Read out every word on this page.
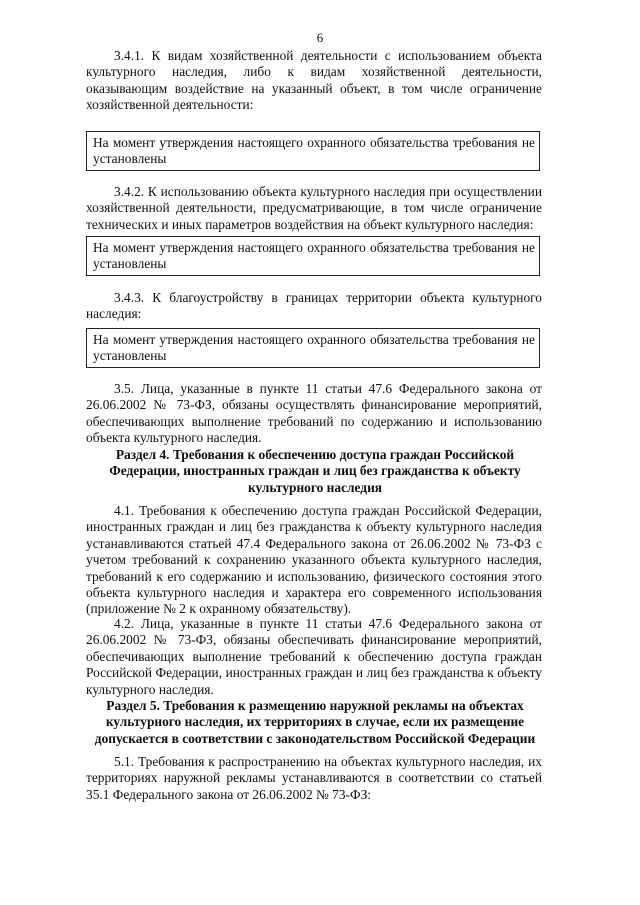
6

3.4.1. К видам хозяйственной деятельности с использованием объекта культурного наследия, либо к видам хозяйственной деятельности, оказывающим воздействие на указанный объект, в том числе ограничение хозяйственной деятельности:

На момент утверждения настоящего охранного обязательства требования не установлены

3.4.2. К использованию объекта культурного наследия при осуществлении хозяйственной деятельности, предусматривающие, в том числе ограничение технических и иных параметров воздействия на объект культурного наследия:

На момент утверждения настоящего охранного обязательства требования не установлены

3.4.3. К благоустройству в границах территории объекта культурного наследия:

На момент утверждения настоящего охранного обязательства требования не установлены

3.5. Лица, указанные в пункте 11 статьи 47.6 Федерального закона от 26.06.2002 № 73-ФЗ, обязаны осуществлять финансирование мероприятий, обеспечивающих выполнение требований по содержанию и использованию объекта культурного наследия.

Раздел 4. Требования к обеспечению доступа граждан Российской Федерации, иностранных граждан и лиц без гражданства к объекту культурного наследия

4.1. Требования к обеспечению доступа граждан Российской Федерации, иностранных граждан и лиц без гражданства к объекту культурного наследия устанавливаются статьей 47.4 Федерального закона от 26.06.2002 № 73-ФЗ с учетом требований к сохранению указанного объекта культурного наследия, требований к его содержанию и использованию, физического состояния этого объекта культурного наследия и характера его современного использования (приложение № 2 к охранному обязательству).

4.2. Лица, указанные в пункте 11 статьи 47.6 Федерального закона от 26.06.2002 № 73-ФЗ, обязаны обеспечивать финансирование мероприятий, обеспечивающих выполнение требований к обеспечению доступа граждан Российской Федерации, иностранных граждан и лиц без гражданства к объекту культурного наследия.

Раздел 5. Требования к размещению наружной рекламы на объектах культурного наследия, их территориях в случае, если их размещение допускается в соответствии с законодательством Российской Федерации

5.1. Требования к распространению на объектах культурного наследия, их территориях наружной рекламы устанавливаются в соответствии со статьей 35.1 Федерального закона от 26.06.2002 № 73-ФЗ:
